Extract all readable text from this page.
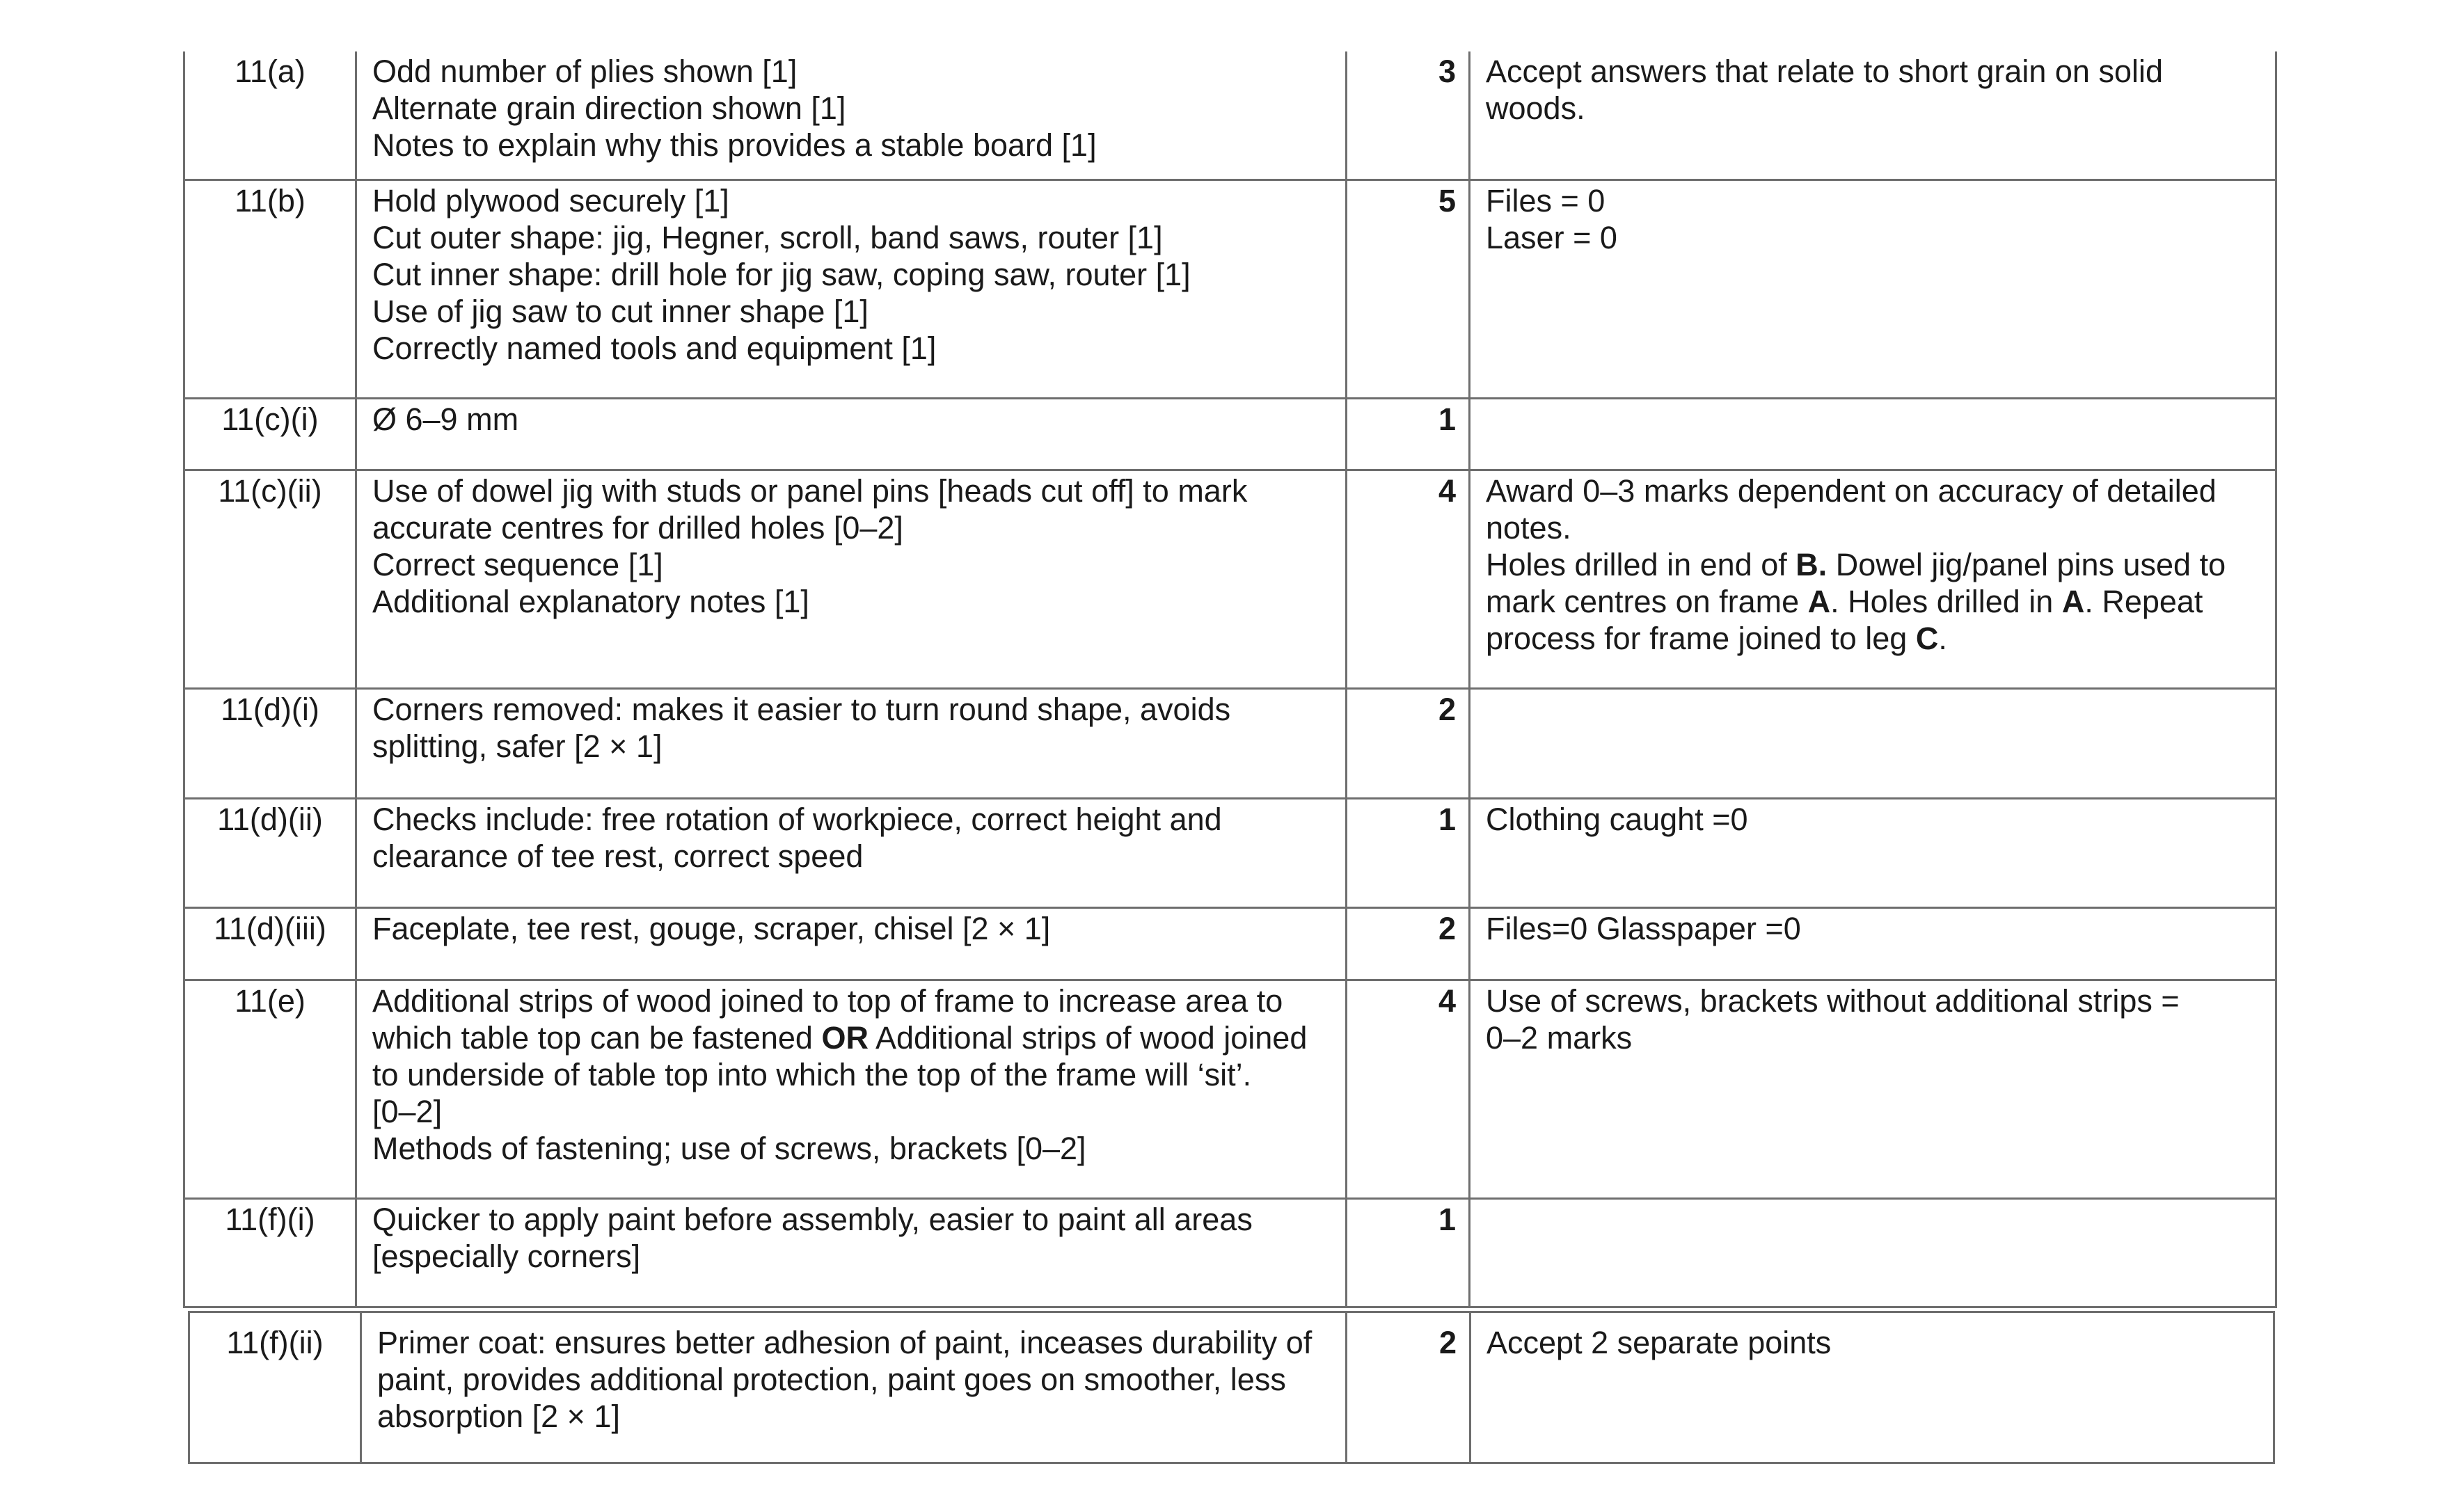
11(a)	Odd number of plies shown [1]
Alternate grain direction shown [1]
Notes to explain why this provides a stable board [1]	3	Accept answers that relate to short grain on solid
woods.

11(b)	Hold plywood securely [1]
Cut outer shape: jig, Hegner, scroll, band saws, router [1]
Cut inner shape: drill hole for jig saw, coping saw, router [1]
Use of jig saw to cut inner shape [1]
Correctly named tools and equipment [1]	5	Files = 0
Laser = 0

11(c)(i)	Ø 6–9 mm	1	
11(c)(ii)	Use of dowel jig with studs or panel pins [heads cut off] to mark
accurate centres for drilled holes [0–2]
Correct sequence [1]
Additional explanatory notes [1]	4	Award 0–3 marks dependent on accuracy of detailed
notes.
Holes drilled in end of B. Dowel jig/panel pins used to
mark centres on frame A. Holes drilled in A. Repeat
process for frame joined to leg C.

11(d)(i)	Corners removed: makes it easier to turn round shape, avoids
splitting, safer [2 × 1]	2	
11(d)(ii)	Checks include: free rotation of workpiece, correct height and
clearance of tee rest, correct speed	1	Clothing caught =0

11(d)(iii)	Faceplate, tee rest, gouge, scraper, chisel [2 × 1]	2	Files=0 Glasspaper =0

11(e)	Additional strips of wood joined to top of frame to increase area to
which table top can be fastened OR Additional strips of wood joined
to underside of table top into which the top of the frame will ‘sit’.
[0–2]
Methods of fastening; use of screws, brackets [0–2]	4	Use of screws, brackets without additional strips =
0–2 marks

11(f)(i)	Quicker to apply paint before assembly, easier to paint all areas
[especially corners]	1	
11(f)(ii)	Primer coat: ensures better adhesion of paint, inceases durability of
paint, provides additional protection, paint goes on smoother, less
absorption [2 × 1]
	2	Accept 2 separate points
